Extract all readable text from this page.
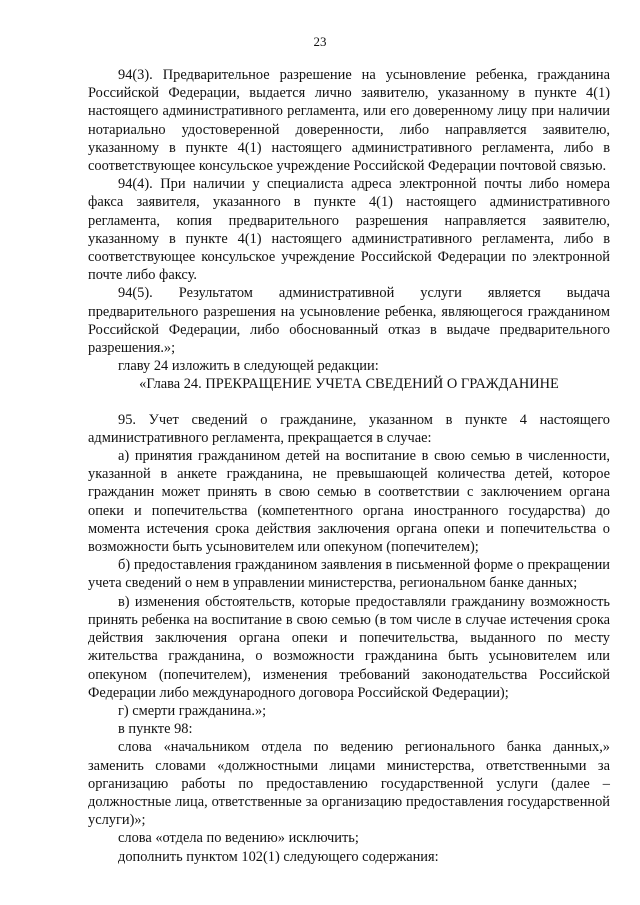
23

94(3). Предварительное разрешение на усыновление ребенка, гражданина Российской Федерации, выдается лично заявителю, указанному в пункте 4(1) настоящего административного регламента, или его доверенному лицу при наличии нотариально удостоверенной доверенности, либо направляется заявителю, указанному в пункте 4(1) настоящего административного регламента, либо в соответствующее консульское учреждение Российской Федерации почтовой связью.

94(4). При наличии у специалиста адреса электронной почты либо номера факса заявителя, указанного в пункте 4(1) настоящего административного регламента, копия предварительного разрешения направляется заявителю, указанному в пункте 4(1) настоящего административного регламента, либо в соответствующее консульское учреждение Российской Федерации по электронной почте либо факсу.

94(5). Результатом административной услуги является выдача предварительного разрешения на усыновление ребенка, являющегося гражданином Российской Федерации, либо обоснованный отказ в выдаче предварительного разрешения.»;

главу 24 изложить в следующей редакции:

«Глава 24. ПРЕКРАЩЕНИЕ УЧЕТА СВЕДЕНИЙ О ГРАЖДАНИНЕ

95. Учет сведений о гражданине, указанном в пункте 4 настоящего административного регламента, прекращается в случае:

а) принятия гражданином детей на воспитание в свою семью в численности, указанной в анкете гражданина, не превышающей количества детей, которое гражданин может принять в свою семью в соответствии с заключением органа опеки и попечительства (компетентного органа иностранного государства) до момента истечения срока действия заключения органа опеки и попечительства о возможности быть усыновителем или опекуном (попечителем);

б) предоставления гражданином заявления в письменной форме о прекращении учета сведений о нем в управлении министерства, региональном банке данных;

в) изменения обстоятельств, которые предоставляли гражданину возможность принять ребенка на воспитание в свою семью (в том числе в случае истечения срока действия заключения органа опеки и попечительства, выданного по месту жительства гражданина, о возможности гражданина быть усыновителем или опекуном (попечителем), изменения требований законодательства Российской Федерации либо международного договора Российской Федерации);

г) смерти гражданина.»;

в пункте 98:

слова «начальником отдела по ведению регионального банка данных,» заменить словами «должностными лицами министерства, ответственными за организацию работы по предоставлению государственной услуги (далее – должностные лица, ответственные за организацию предоставления государственной услуги)»;

слова «отдела по ведению» исключить;

дополнить пунктом 102(1) следующего содержания:
